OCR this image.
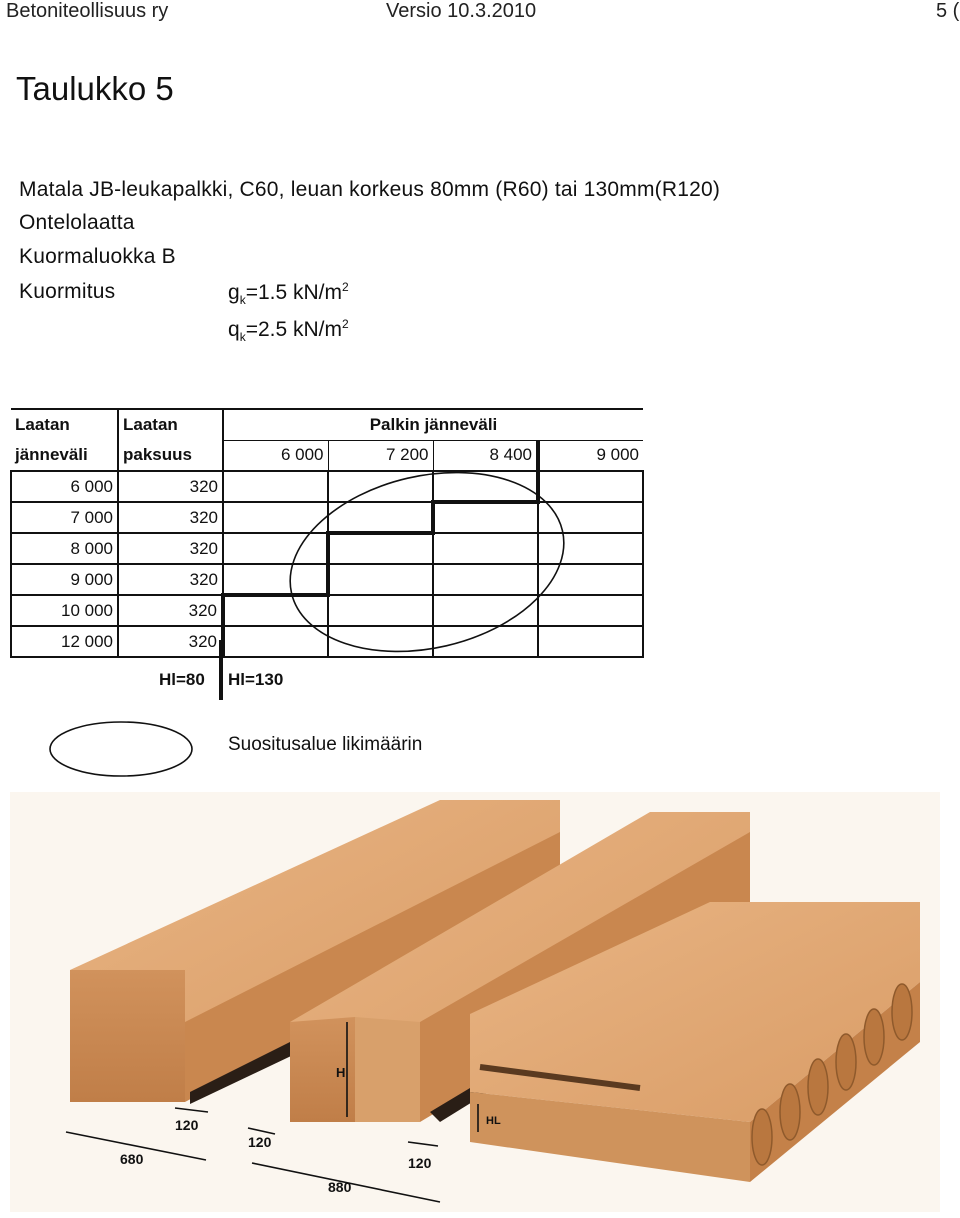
Betoniteollisuus ry	Versio 10.3.2010	5 (
Taulukko 5
Matala JB-leukapalkki, C60, leuan korkeus 80mm (R60) tai 130mm(R120)
Ontelolaatta
Kuormaluokka B
Kuormitus	$g_k=1.5$ $kN/m^2$
$q_k=2.5$ $kN/m^2$
Laatan	Laatan	Palkin jänneväli			
jänneväli	paksuus	6 000	7 200	8 400	9 000
6 000	320				
7 000	320				
8 000	320				
9 000	320				
10 000	320				
12 000	320				
Hl=80 Hl=130
Suositusalue likimäärin
H
HL
120
120
120
680
880
